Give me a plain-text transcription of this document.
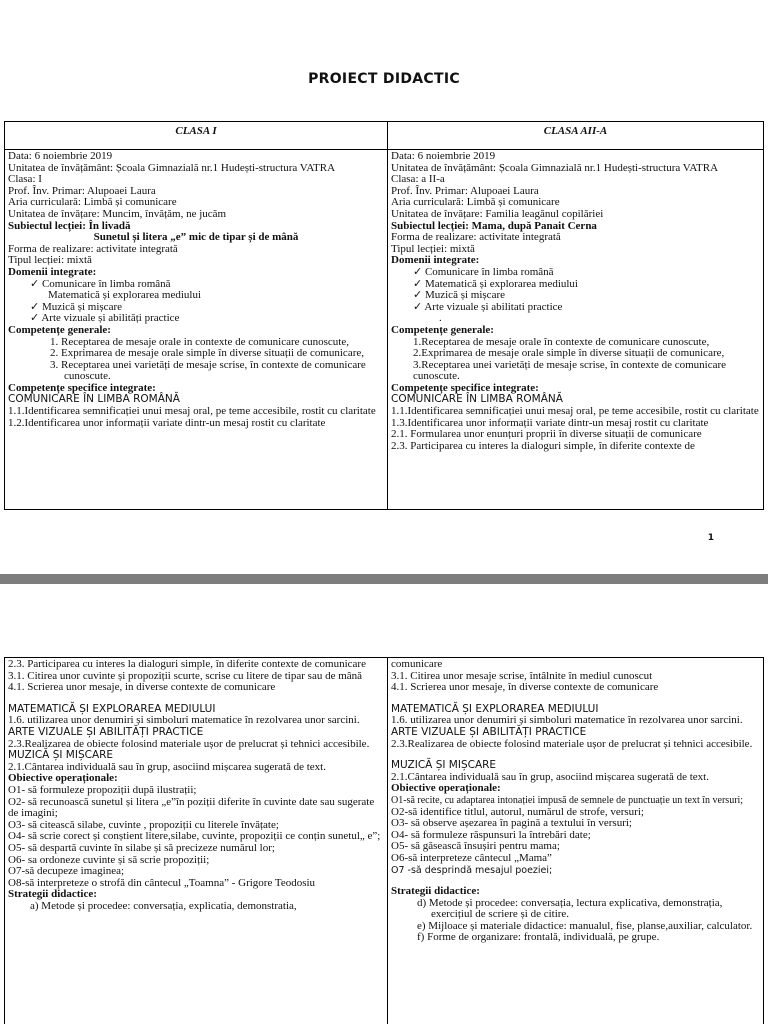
PROIECT DIDACTIC
CLASA I	CLASA AII-A
Data: 6 noiembrie 2019
Unitatea de învățământ: Școala Gimnazială nr.1 Hudești-structura VATRA
Clasa: I
Prof. Înv. Primar: Alupoaei Laura
Aria curriculară: Limbă și comunicare
Unitatea de învățare: Muncim, învățăm, ne jucăm
Subiectul lecției: În livadă
Sunetul și litera „e” mic de tipar și de mână
Forma de realizare: activitate integrată
Tipul lecției: mixtă
Domenii integrate:
✓ Comunicare în limba română
Matematică și explorarea mediului
✓ Muzică și mișcare
✓ Arte vizuale și abilități practice
Competențe generale:
1. Receptarea de mesaje orale in contexte de comunicare cunoscute,
2. Exprimarea de mesaje orale simple în diverse situații de comunicare,
3. Receptarea unei varietăți de mesaje scrise, în contexte de comunicare cunoscute.
Competențe specifice integrate:
COMUNICARE ÎN LIMBA ROMÂNĂ
1.1.Identificarea semnificației unui mesaj oral, pe teme accesibile, rostit cu claritate
1.2.Identificarea unor informații variate dintr-un mesaj rostit cu claritate
Data: 6 noiembrie 2019
Unitatea de învățământ: Școala Gimnazială nr.1 Hudești-structura VATRA
Clasa: a II-a
Prof. Înv. Primar: Alupoaei Laura
Aria curriculară: Limbă și comunicare
Unitatea de învățare: Familia leagănul copilăriei
Subiectul lecției: Mama, după Panait Cerna
Forma de realizare: activitate integrată
Tipul lecției: mixtă
Domenii integrate:
✓ Comunicare în limba română
✓ Matematică și explorarea mediului
✓ Muzică și mișcare
✓ Arte vizuale și abilitati practice
.
Competențe generale:
1.Receptarea de mesaje orale în contexte de comunicare cunoscute,
2.Exprimarea de mesaje orale simple în diverse situații de comunicare,
3.Receptarea unei varietăți de mesaje scrise, în contexte de comunicare cunoscute.
Competențe specifice integrate:
COMUNICARE ÎN LIMBA ROMÂNĂ
1.1.Identificarea semnificației unui mesaj oral, pe teme accesibile, rostit cu claritate
1.3.Identificarea unor informații variate dintr-un mesaj rostit cu claritate
2.1. Formularea unor enunțuri proprii în diverse situații de comunicare
2.3. Participarea cu interes la dialoguri simple, în diferite contexte de
1
2.3. Participarea cu interes la dialoguri simple, în diferite contexte de comunicare
3.1. Citirea unor cuvinte și propoziții scurte, scrise cu litere de tipar sau de mână
4.1. Scrierea unor mesaje, in diverse contexte de comunicare
MATEMATICĂ ȘI EXPLORAREA MEDIULUI
1.6. utilizarea unor denumiri și simboluri matematice în rezolvarea unor sarcini.
ARTE VIZUALE ȘI ABILITĂȚI PRACTICE
2.3.Realizarea de obiecte folosind materiale ușor de prelucrat și tehnici accesibile.
MUZICĂ ȘI MIȘCARE
2.1.Cântarea individuală sau în grup, asociind mișcarea sugerată de text.
Obiective operaționale:
O1- să formuleze propoziții după ilustrații;
O2- să recunoască sunetul și litera „e”în poziții diferite în cuvinte date sau sugerate de imagini;
O3- să citească silabe, cuvinte , propoziții cu literele învățate;
O4- să scrie corect și conștient litere,silabe, cuvinte, propoziții ce conțin sunetul„ e”;
O5- să despartă cuvinte în silabe și să precizeze numărul lor;
O6- sa ordoneze cuvinte și să scrie propoziții;
O7-să decupeze imaginea;
O8-să interpreteze o strofă din cântecul „Toamna” - Grigore Teodosiu
Strategii didactice:
a) Metode și procedee: conversația, explicatia, demonstratia,
comunicare
3.1. Citirea unor mesaje scrise, întâlnite în mediul cunoscut
4.1. Scrierea unor mesaje, în diverse contexte de comunicare
MATEMATICĂ ȘI EXPLORAREA MEDIULUI
1.6. utilizarea unor denumiri și simboluri matematice în rezolvarea unor sarcini.
ARTE VIZUALE ȘI ABILITĂȚI PRACTICE
2.3.Realizarea de obiecte folosind materiale ușor de prelucrat și tehnici accesibile.
MUZICĂ ȘI MIȘCARE
2.1.Cântarea individuală sau în grup, asociind mișcarea sugerată de text.
Obiective operaționale:
O1-să recite, cu adaptarea intonației impusă de semnele de punctuație un text în versuri;
O2-să identifice titlul, autorul, numărul de strofe, versuri;
O3- să observe așezarea în pagină a textului în versuri;
O4- să formuleze răspunsuri la întrebări date;
O5- să găsească însușiri pentru mama;
O6-să interpreteze cântecul „Mama”
O7 -să desprindă mesajul poeziei;
Strategii didactice:
d) Metode și procedee: conversația, lectura explicativa, demonstrația, exercițiul de scriere și de citire.
e) Mijloace și materiale didactice: manualul, fise, planse,auxiliar, calculator.
f) Forme de organizare: frontală, individuală, pe grupe.
